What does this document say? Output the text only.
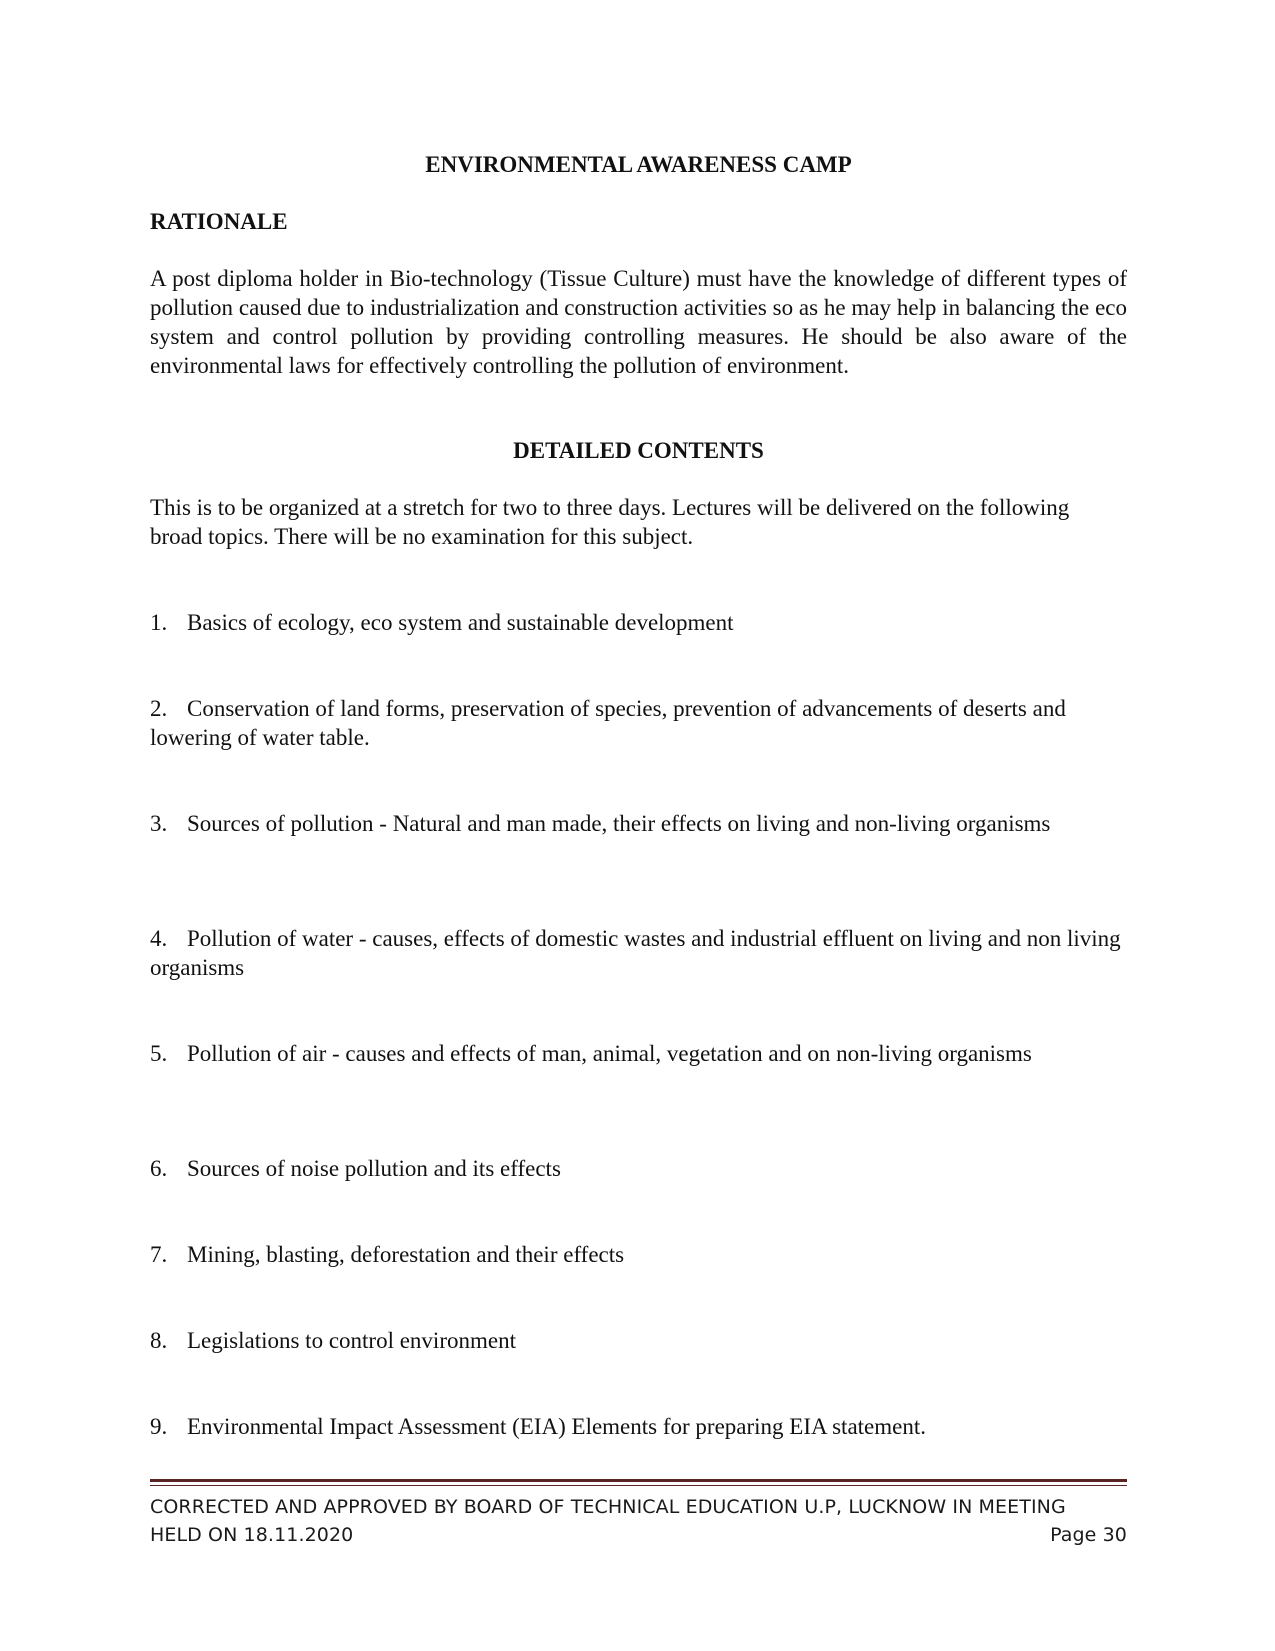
ENVIRONMENTAL AWARENESS CAMP
RATIONALE

A post diploma holder in Bio-technology (Tissue Culture) must have the knowledge of different types of pollution caused due to industrialization and construction activities so as he may help in balancing the eco system and control pollution by providing controlling measures. He should be also aware of the environmental laws for effectively controlling the pollution of environment.

DETAILED CONTENTS

This is to be organized at a stretch for two to three days. Lectures will be delivered on the following broad topics. There will be no examination for this subject.

1. Basics of ecology, eco system and sustainable development

2. Conservation of land forms, preservation of species, prevention of advancements of deserts and lowering of water table.

3. Sources of pollution - Natural and man made, their effects on living and non-living organisms

4. Pollution of water - causes, effects of domestic wastes and industrial effluent on living and non living organisms

5. Pollution of air - causes and effects of man, animal, vegetation and on non-living organisms

6. Sources of noise pollution and its effects

7. Mining, blasting, deforestation and their effects

8. Legislations to control environment

9. Environmental Impact Assessment (EIA) Elements for preparing EIA statement.

CORRECTED AND APPROVED BY BOARD OF TECHNICAL EDUCATION U.P, LUCKNOW IN MEETING
HELD ON 18.11.2020	Page 30
